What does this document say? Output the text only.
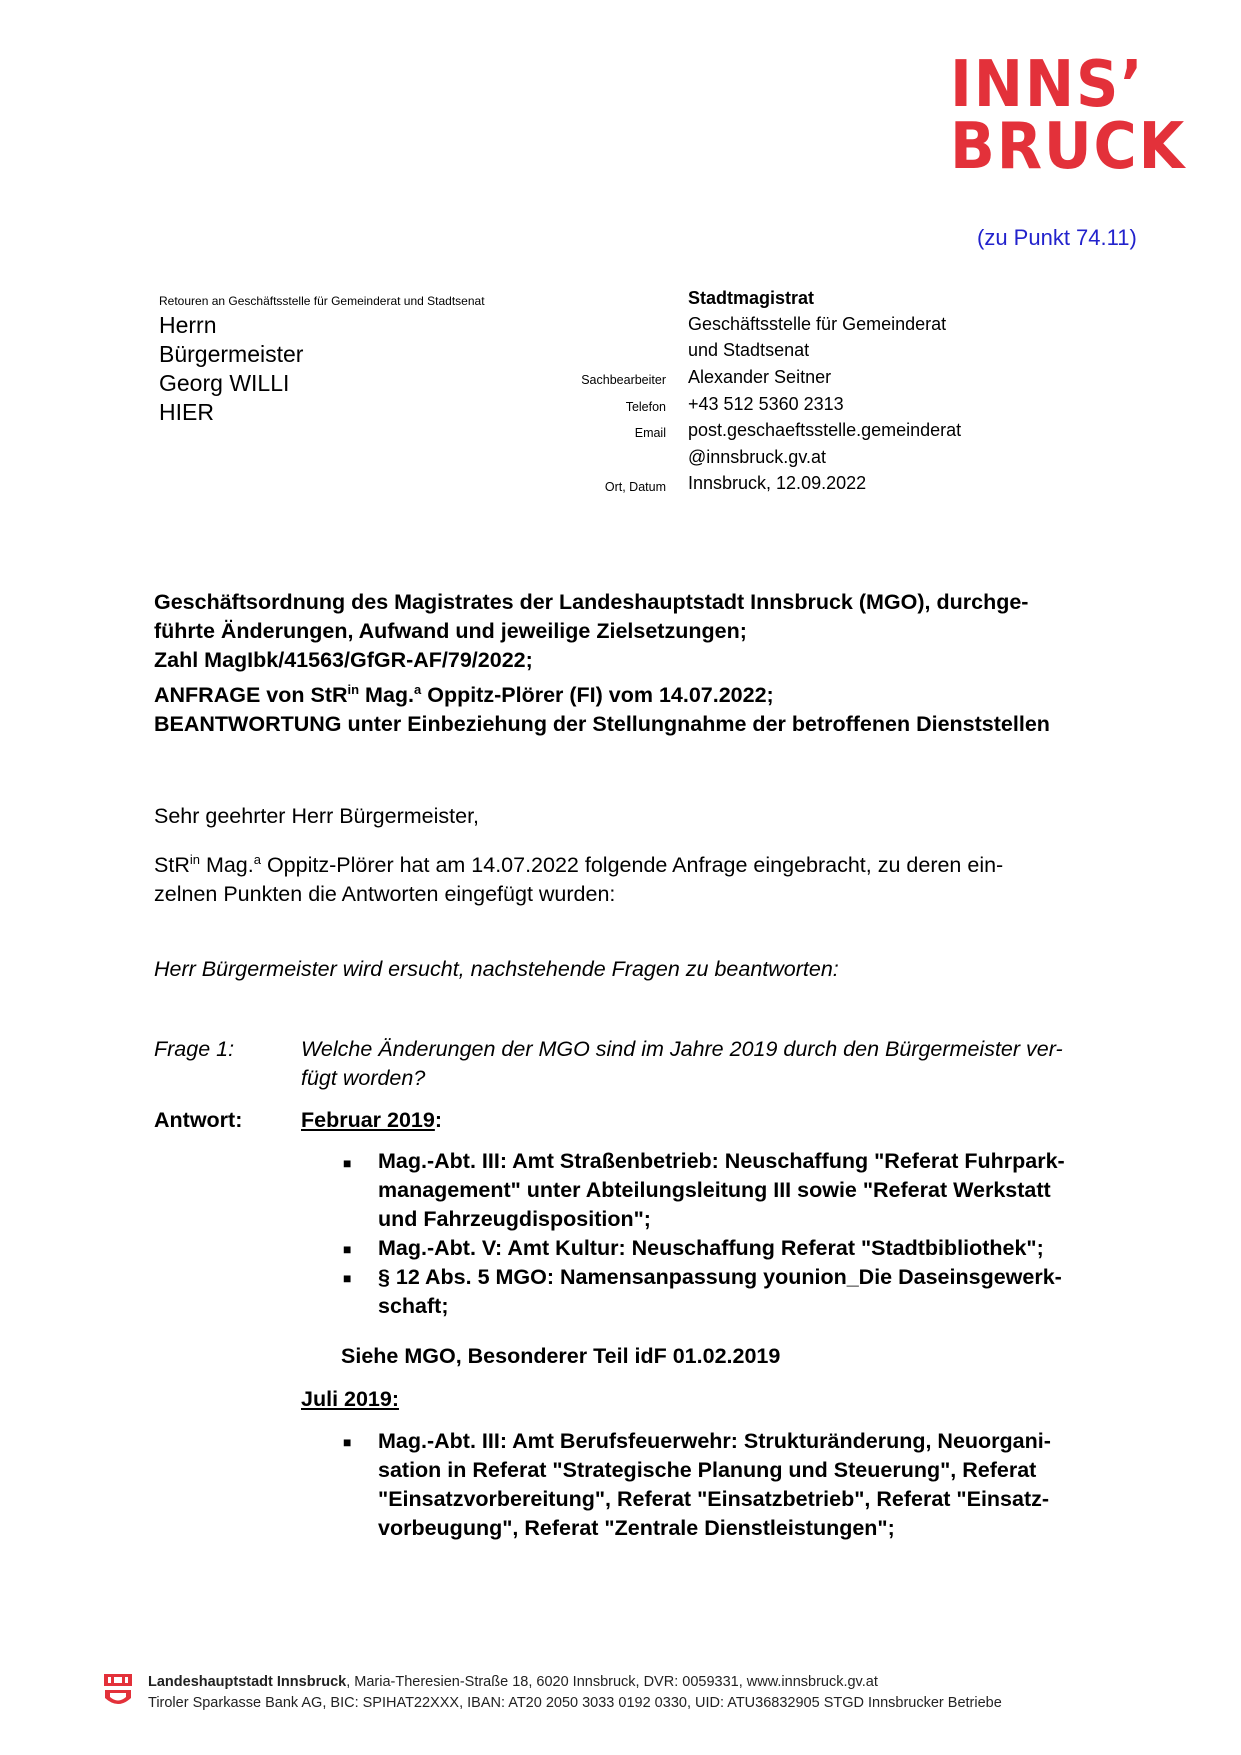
INNS’
BRUCK
(zu Punkt 74.11)
Retouren an Geschäftsstelle für Gemeinderat und Stadtsenat
Herrn
Bürgermeister
Georg WILLI
HIER
Stadtmagistrat
Geschäftsstelle für Gemeinderat
und Stadtsenat
Sachbearbeiter Alexander Seitner
Telefon +43 512 5360 2313
Email post.geschaeftsstelle.gemeinderat
@innsbruck.gv.at
Ort, Datum Innsbruck, 12.09.2022
Geschäftsordnung des Magistrates der Landeshauptstadt Innsbruck (MGO), durchge-
führte Änderungen, Aufwand und jeweilige Zielsetzungen;
Zahl MagIbk/41563/GfGR-AF/79/2022;
ANFRAGE von StR$^{in}$ Mag.$^a$ Oppitz-Plörer (FI) vom 14.07.2022;
BEANTWORTUNG unter Einbeziehung der Stellungnahme der betroffenen Dienststellen
Sehr geehrter Herr Bürgermeister,
StR$^{in}$ Mag.$^a$ Oppitz-Plörer hat am 14.07.2022 folgende Anfrage eingebracht, zu deren ein-
zelnen Punkten die Antworten eingefügt wurden:
Herr Bürgermeister wird ersucht, nachstehende Fragen zu beantworten:
Frage 1:	Welche Änderungen der MGO sind im Jahre 2019 durch den Bürgermeister ver-
fügt worden?
Antwort:	Februar 2019:
■ Mag.-Abt. III: Amt Straßenbetrieb: Neuschaffung "Referat Fuhrpark-
management" unter Abteilungsleitung III sowie "Referat Werkstatt
und Fahrzeugdisposition";
■ Mag.-Abt. V: Amt Kultur: Neuschaffung Referat "Stadtbibliothek";
■ § 12 Abs. 5 MGO: Namensanpassung younion_Die Daseinsgewerk-
schaft;
Siehe MGO, Besonderer Teil idF 01.02.2019
Juli 2019:
■ Mag.-Abt. III: Amt Berufsfeuerwehr: Strukturänderung, Neuorgani-
sation in Referat "Strategische Planung und Steuerung", Referat
"Einsatzvorbereitung", Referat "Einsatzbetrieb", Referat "Einsatz-
vorbeugung", Referat "Zentrale Dienstleistungen";
Landeshauptstadt Innsbruck, Maria-Theresien-Straße 18, 6020 Innsbruck, DVR: 0059331, www.innsbruck.gv.at
Tiroler Sparkasse Bank AG, BIC: SPIHAT22XXX, IBAN: AT20 2050 3033 0192 0330, UID: ATU36832905 STGD Innsbrucker Betriebe
